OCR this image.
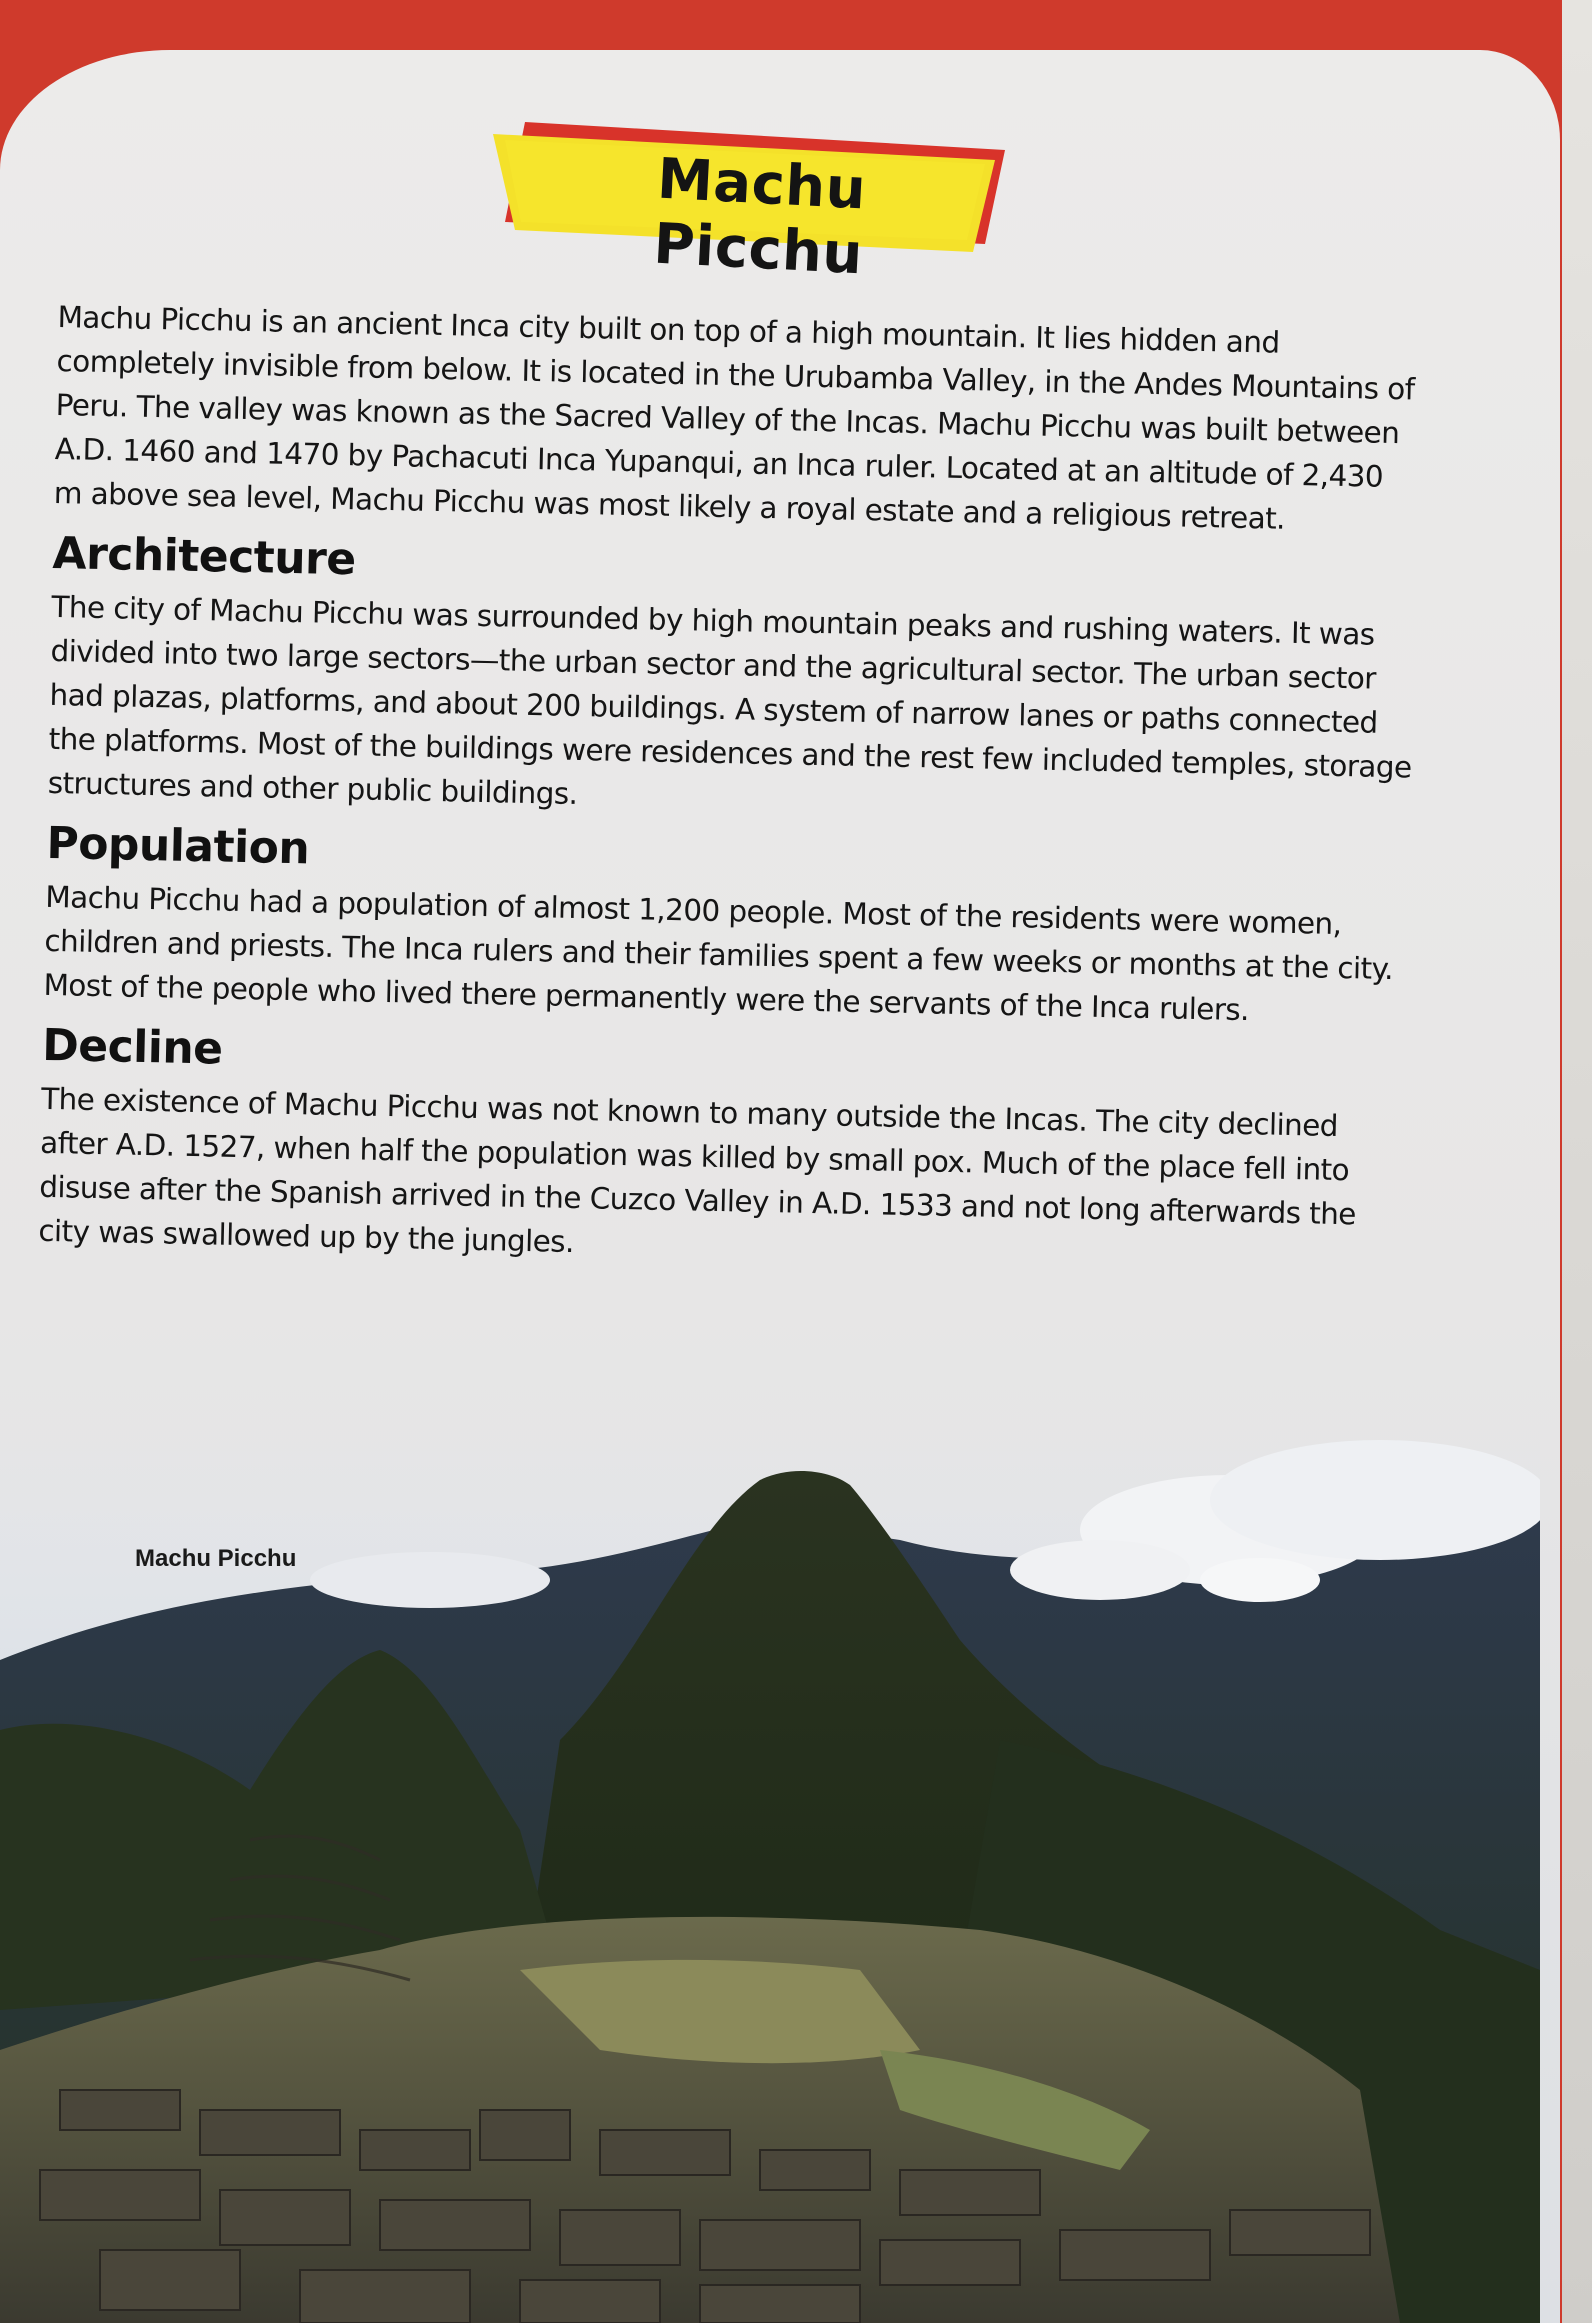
Machu Picchu

Machu Picchu is an ancient Inca city built on top of a high mountain. It lies hidden and completely invisible from below. It is located in the Urubamba Valley, in the Andes Mountains of Peru. The valley was known as the Sacred Valley of the Incas. Machu Picchu was built between A.D. 1460 and 1470 by Pachacuti Inca Yupanqui, an Inca ruler. Located at an altitude of 2,430 m above sea level, Machu Picchu was most likely a royal estate and a religious retreat.

Architecture

The city of Machu Picchu was surrounded by high mountain peaks and rushing waters. It was divided into two large sectors—the urban sector and the agricultural sector. The urban sector had plazas, platforms, and about 200 buildings. A system of narrow lanes or paths connected the platforms. Most of the buildings were residences and the rest few included temples, storage structures and other public buildings.

Population

Machu Picchu had a population of almost 1,200 people. Most of the residents were women, children and priests. The Inca rulers and their families spent a few weeks or months at the city. Most of the people who lived there permanently were the servants of the Inca rulers.

Decline

The existence of Machu Picchu was not known to many outside the Incas. The city declined after A.D. 1527, when half the population was killed by small pox. Much of the place fell into disuse after the Spanish arrived in the Cuzco Valley in A.D. 1533 and not long afterwards the city was swallowed up by the jungles.

Machu Picchu
